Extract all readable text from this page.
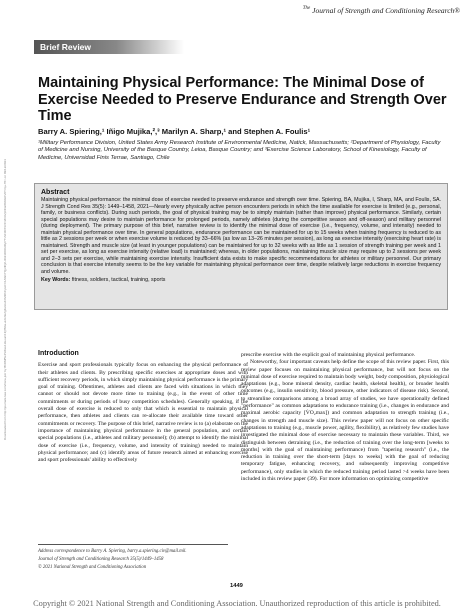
Downloaded from http://journals.lww.com/nsca-jscr by BhDMf5ePHKav1zEoum1tQfN4a+kJLhEZgbsIHo4XMi0hCywCX1AWnYQp/IlQrHD3i3D0OdRyi7TvSFl4Cf3VC4/OAVpDDa8KKGKV0Ymy+78= on 09/12/2023
$^{The}$ Journal of Strength and Conditioning Research®
Brief Review
Maintaining Physical Performance: The Minimal Dose of Exercise Needed to Preserve Endurance and Strength Over Time
Barry A. Spiering,¹ Iñigo Mujika,²,³ Marilyn A. Sharp,¹ and Stephen A. Foulis¹
¹Military Performance Division, United States Army Research Institute of Environmental Medicine, Natick, Massachusetts; ²Department of Physiology, Faculty of Medicine and Nursing, University of the Basque Country, Leioa, Basque Country; and ³Exercise Science Laboratory, School of Kinesiology, Faculty of Medicine, Universidad Finis Terrae, Santiago, Chile
Abstract
Maintaining physical performance: the minimal dose of exercise needed to preserve endurance and strength over time. Spiering, BA, Mujika, I, Sharp, MA, and Foulis, SA. J Strength Cond Res 35(5): 1449–1458, 2021—Nearly every physically active person encounters periods in which the time available for exercise is limited (e.g., personal, family, or business conflicts). During such periods, the goal of physical training may be to simply maintain (rather than improve) physical performance. Similarly, certain special populations may desire to maintain performance for prolonged periods, namely athletes (during the competitive season and off-season) and military personnel (during deployment). The primary purpose of this brief, narrative review is to identify the minimal dose of exercise (i.e., frequency, volume, and intensity) needed to maintain physical performance over time. In general populations, endurance performance can be maintained for up to 15 weeks when training frequency is reduced to as little as 2 sessions per week or when exercise volume is reduced by 33–66% (as low as 13–26 minutes per session), as long as exercise intensity (exercising heart rate) is maintained. Strength and muscle size (at least in younger populations) can be maintained for up to 32 weeks with as little as 1 session of strength training per week and 1 set per exercise, as long as exercise intensity (relative load) is maintained; whereas, in older populations, maintaining muscle size may require up to 2 sessions per week and 2–3 sets per exercise, while maintaining exercise intensity. Insufficient data exists to make specific recommendations for athletes or military personnel. Our primary conclusion is that exercise intensity seems to be the key variable for maintaining physical performance over time, despite relatively large reductions in exercise frequency and volume.
Key Words: fitness, soldiers, tactical, training, sports
Introduction

Exercise and sport professionals typically focus on enhancing the physical performance of their athletes and clients. By prescribing specific exercises at appropriate doses and with sufficient recovery periods, in which simply maintaining physical performance is the primary goal of training. Oftentimes, athletes and clients are faced with situations in which they cannot or should not devote more time to training (e.g., in the event of other time commitments or during periods of busy competition schedules). Generally speaking, if the overall dose of exercise is reduced to only that which is essential to maintain physical performance, then athletes and clients can re-allocate their available time toward other commitments or recovery. The purpose of this brief, narrative review is to (a) elaborate on the importance of maintaining physical performance in the general population, and certain special populations (i.e., athletes and military personnel); (b) attempt to identify the minimal dose of exercise (i.e., frequency, volume, and intensity of training) needed to maintain physical performance; and (c) identify areas of future research aimed at enhancing exercise and sport professionals' ability to effectively

prescribe exercise with the explicit goal of maintaining physical performance.

Noteworthy, four important caveats help define the scope of this review paper. First, this review paper focuses on maintaining physical performance, but will not focus on the minimal dose of exercise required to maintain body weight, body composition, physiological adaptations (e.g., bone mineral density, cardiac health, skeletal health), or broader health outcomes (e.g., insulin sensitivity, blood pressure, other indicators of disease risk). Second, to streamline comparisons among a broad array of studies, we have operationally defined "performance" as common adaptations to endurance training (i.e., changes in endurance and maximal aerobic capacity [V̇O₂max]) and common adaptation to strength training (i.e., changes in strength and muscle size). This review paper will not focus on other specific adaptations to training (e.g., muscle power, agility, flexibility), as relatively few studies have investigated the minimal dose of exercise necessary to maintain these variables. Third, we distinguish between detraining (i.e., the reduction of training over the long-term [weeks to months] with the goal of maintaining performance) from "tapering research" (i.e., the reduction in training over the short-term [days to weeks] with the goal of reducing temporary fatigue, enhancing recovery, and subsequently improving competitive performance), only studies in which the reduced training period lasted >4 weeks have been included in this review paper (39). For more information on optimizing competitive

Address correspondence to Barry A. Spiering, barry.a.spiering.civ@mail.mil.
Journal of Strength and Conditioning Research 35(5)/1449–1458
© 2021 National Strength and Conditioning Association
1449
Copyright © 2021 National Strength and Conditioning Association. Unauthorized reproduction of this article is prohibited.
